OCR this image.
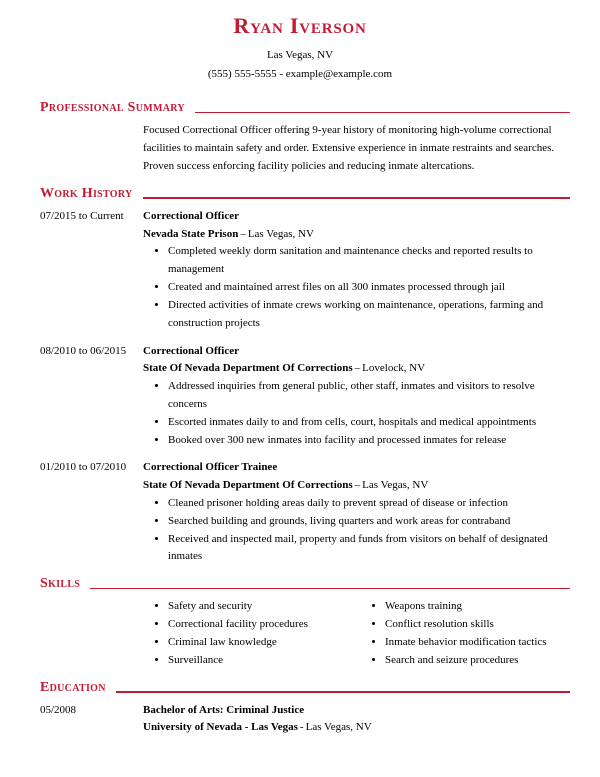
Ryan Iverson
Las Vegas, NV
(555) 555-5555 - example@example.com
Professional Summary

Focused Correctional Officer offering 9-year history of monitoring high-volume correctional facilities to maintain safety and order. Extensive experience in inmate restraints and searches. Proven success enforcing facility policies and reducing inmate altercations.

Work History
07/2015 to Current	Correctional Officer
Nevada State Prison – Las Vegas, NV
• Completed weekly dorm sanitation and maintenance checks and reported results to management
• Created and maintained arrest files on all 300 inmates processed through jail
• Directed activities of inmate crews working on maintenance, operations, farming and construction projects
08/2010 to 06/2015	Correctional Officer
State Of Nevada Department Of Corrections – Lovelock, NV
• Addressed inquiries from general public, other staff, inmates and visitors to resolve concerns
• Escorted inmates daily to and from cells, court, hospitals and medical appointments
• Booked over 300 new inmates into facility and processed inmates for release
01/2010 to 07/2010	Correctional Officer Trainee
State Of Nevada Department Of Corrections – Las Vegas, NV
• Cleaned prisoner holding areas daily to prevent spread of disease or infection
• Searched building and grounds, living quarters and work areas for contraband
• Received and inspected mail, property and funds from visitors on behalf of designated inmates
Skills
• Safety and security
• Correctional facility procedures
• Criminal law knowledge
• Surveillance
• Weapons training
• Conflict resolution skills
• Inmate behavior modification tactics
• Search and seizure procedures
Education
05/2008	Bachelor of Arts: Criminal Justice
University of Nevada - Las Vegas - Las Vegas, NV
